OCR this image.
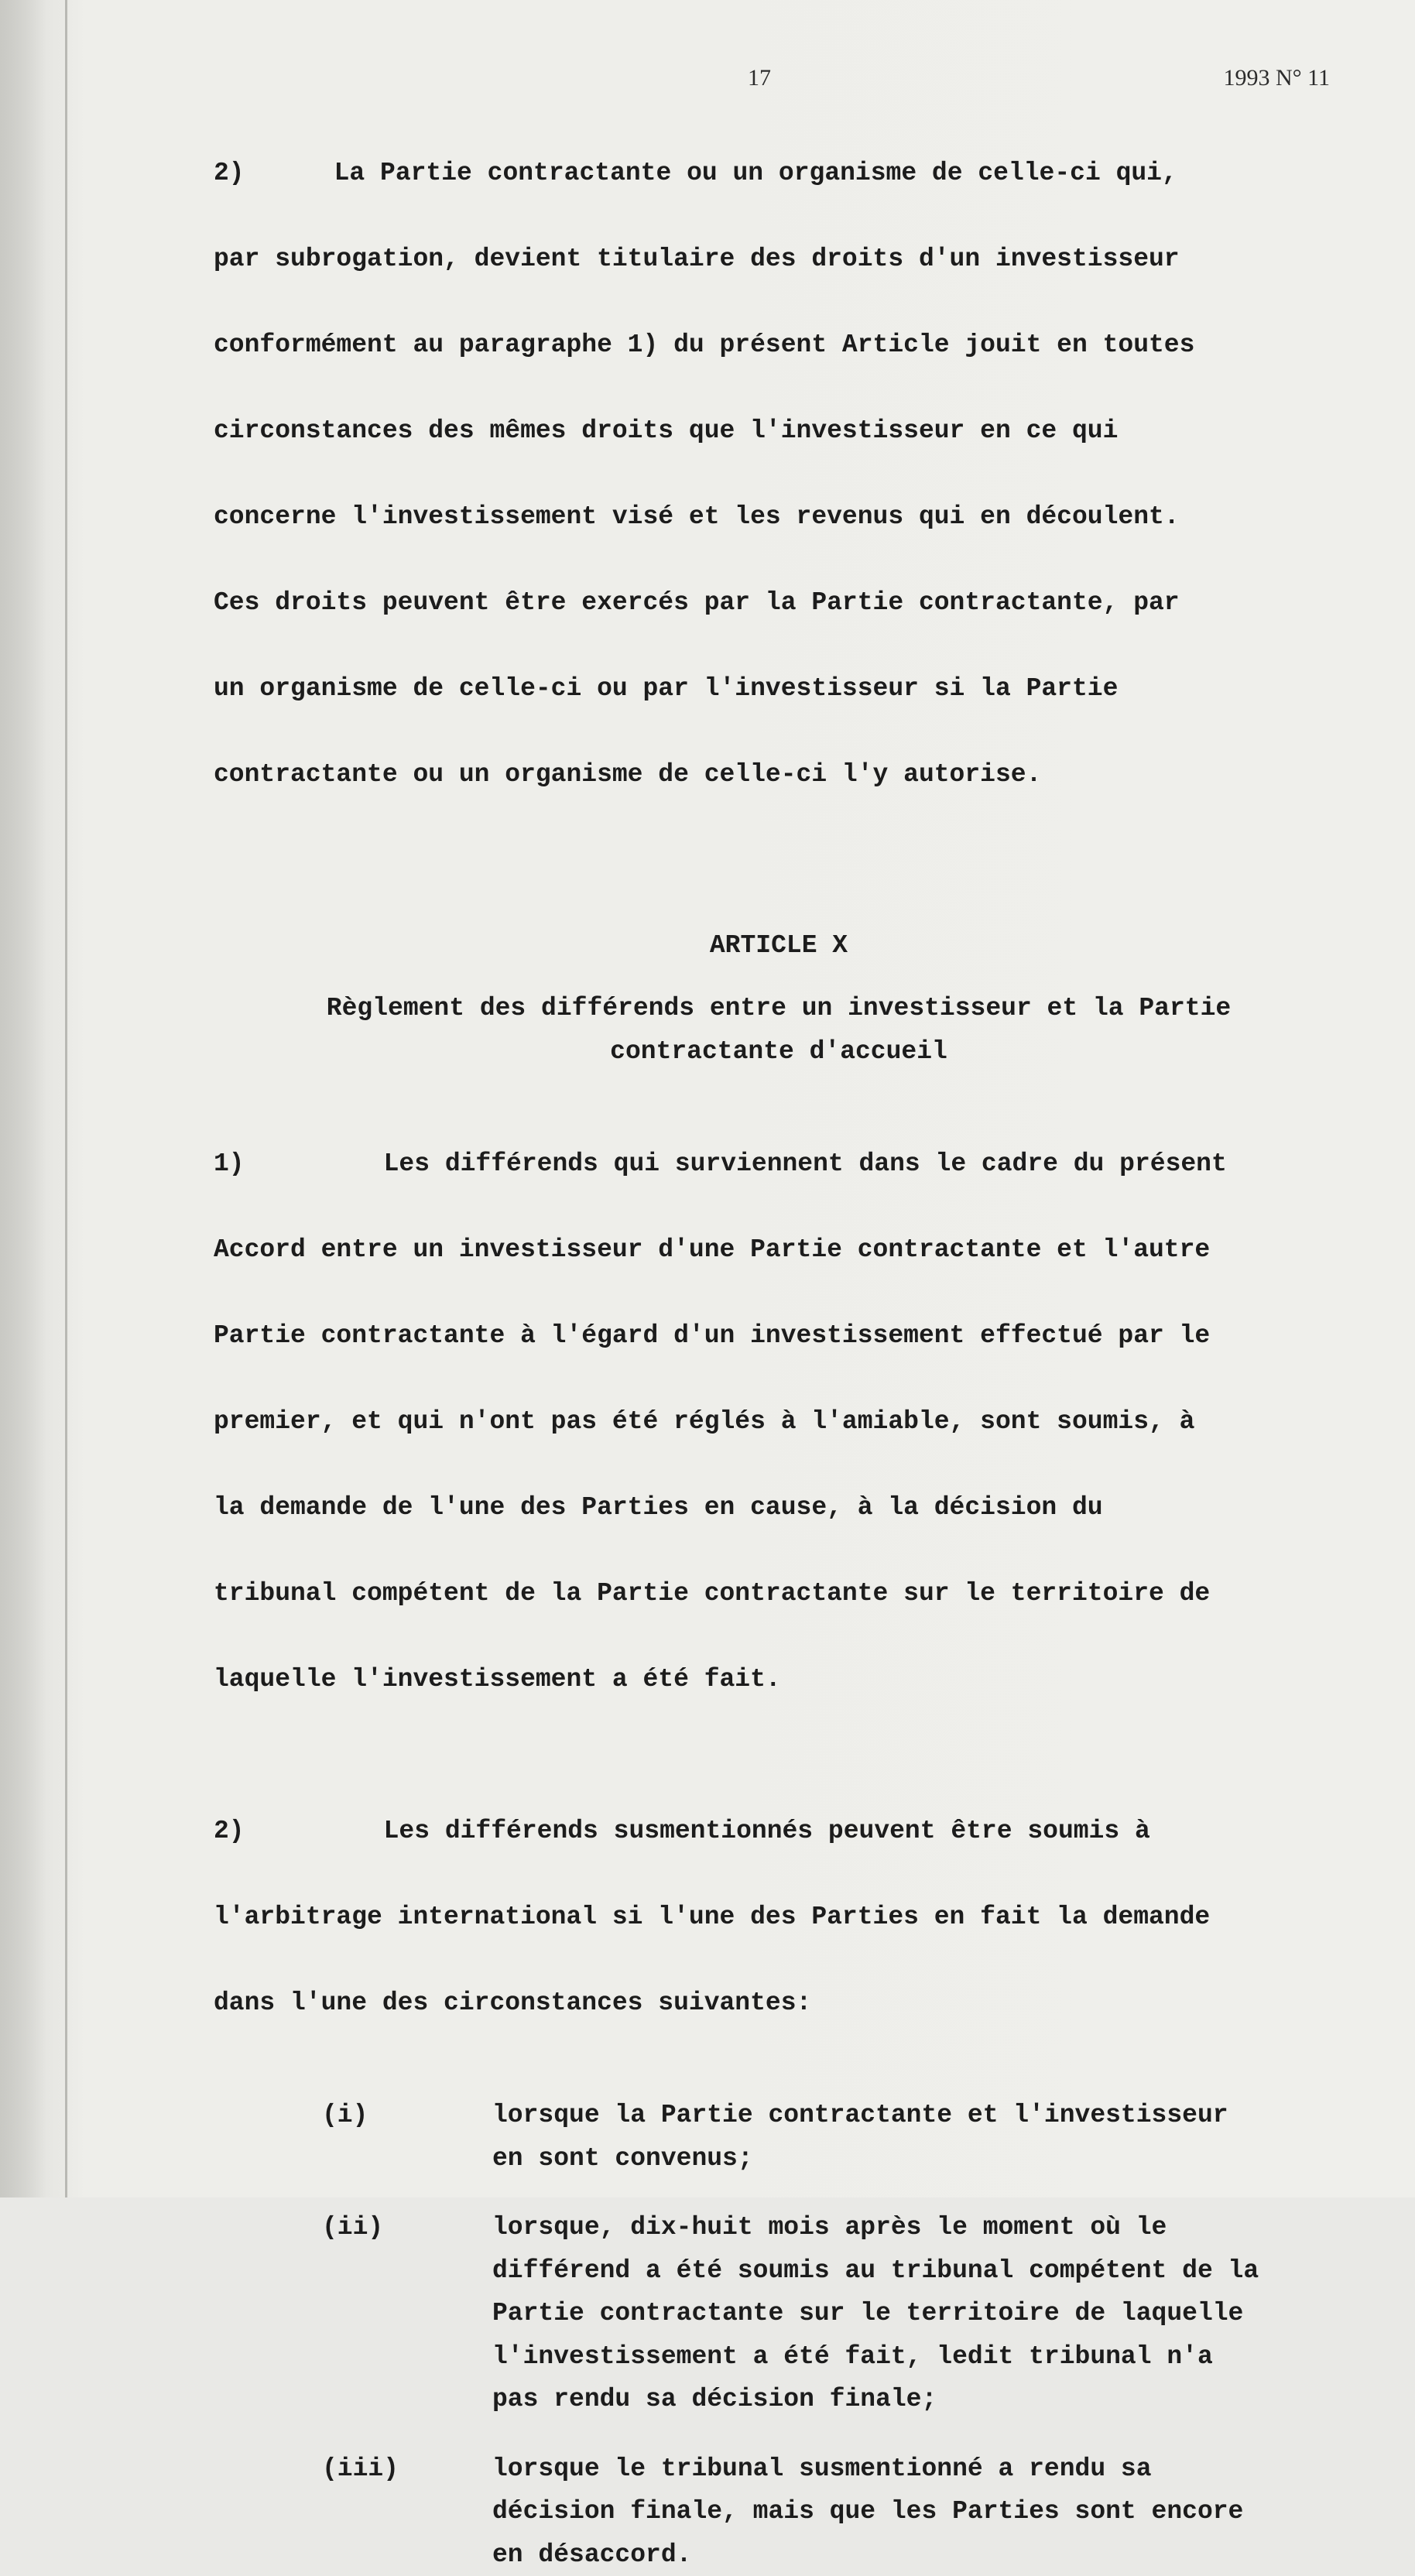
17	1993 N° 11

2)	La Partie contractante ou un organisme de celle-ci qui,

par subrogation, devient titulaire des droits d'un investisseur

conformément au paragraphe 1) du présent Article jouit en toutes

circonstances des mêmes droits que l'investisseur en ce qui

concerne l'investissement visé et les revenus qui en découlent.

Ces droits peuvent être exercés par la Partie contractante, par

un organisme de celle-ci ou par l'investisseur si la Partie

contractante ou un organisme de celle-ci l'y autorise.

ARTICLE X
Règlement des différends entre un investisseur et la Partie
contractante d'accueil

1)	Les différends qui surviennent dans le cadre du présent

Accord entre un investisseur d'une Partie contractante et l'autre

Partie contractante à l'égard d'un investissement effectué par le

premier, et qui n'ont pas été réglés à l'amiable, sont soumis, à

la demande de l'une des Parties en cause, à la décision du

tribunal compétent de la Partie contractante sur le territoire de

laquelle l'investissement a été fait.

2)	Les différends susmentionnés peuvent être soumis à

l'arbitrage international si l'une des Parties en fait la demande

dans l'une des circonstances suivantes:

(i)	lorsque la Partie contractante et l'investisseur
en sont convenus;
(ii)	lorsque, dix-huit mois après le moment où le
différend a été soumis au tribunal compétent de la
Partie contractante sur le territoire de laquelle
l'investissement a été fait, ledit tribunal n'a
pas rendu sa décision finale;
(iii)	lorsque le tribunal susmentionné a rendu sa
décision finale, mais que les Parties sont encore
en désaccord.
